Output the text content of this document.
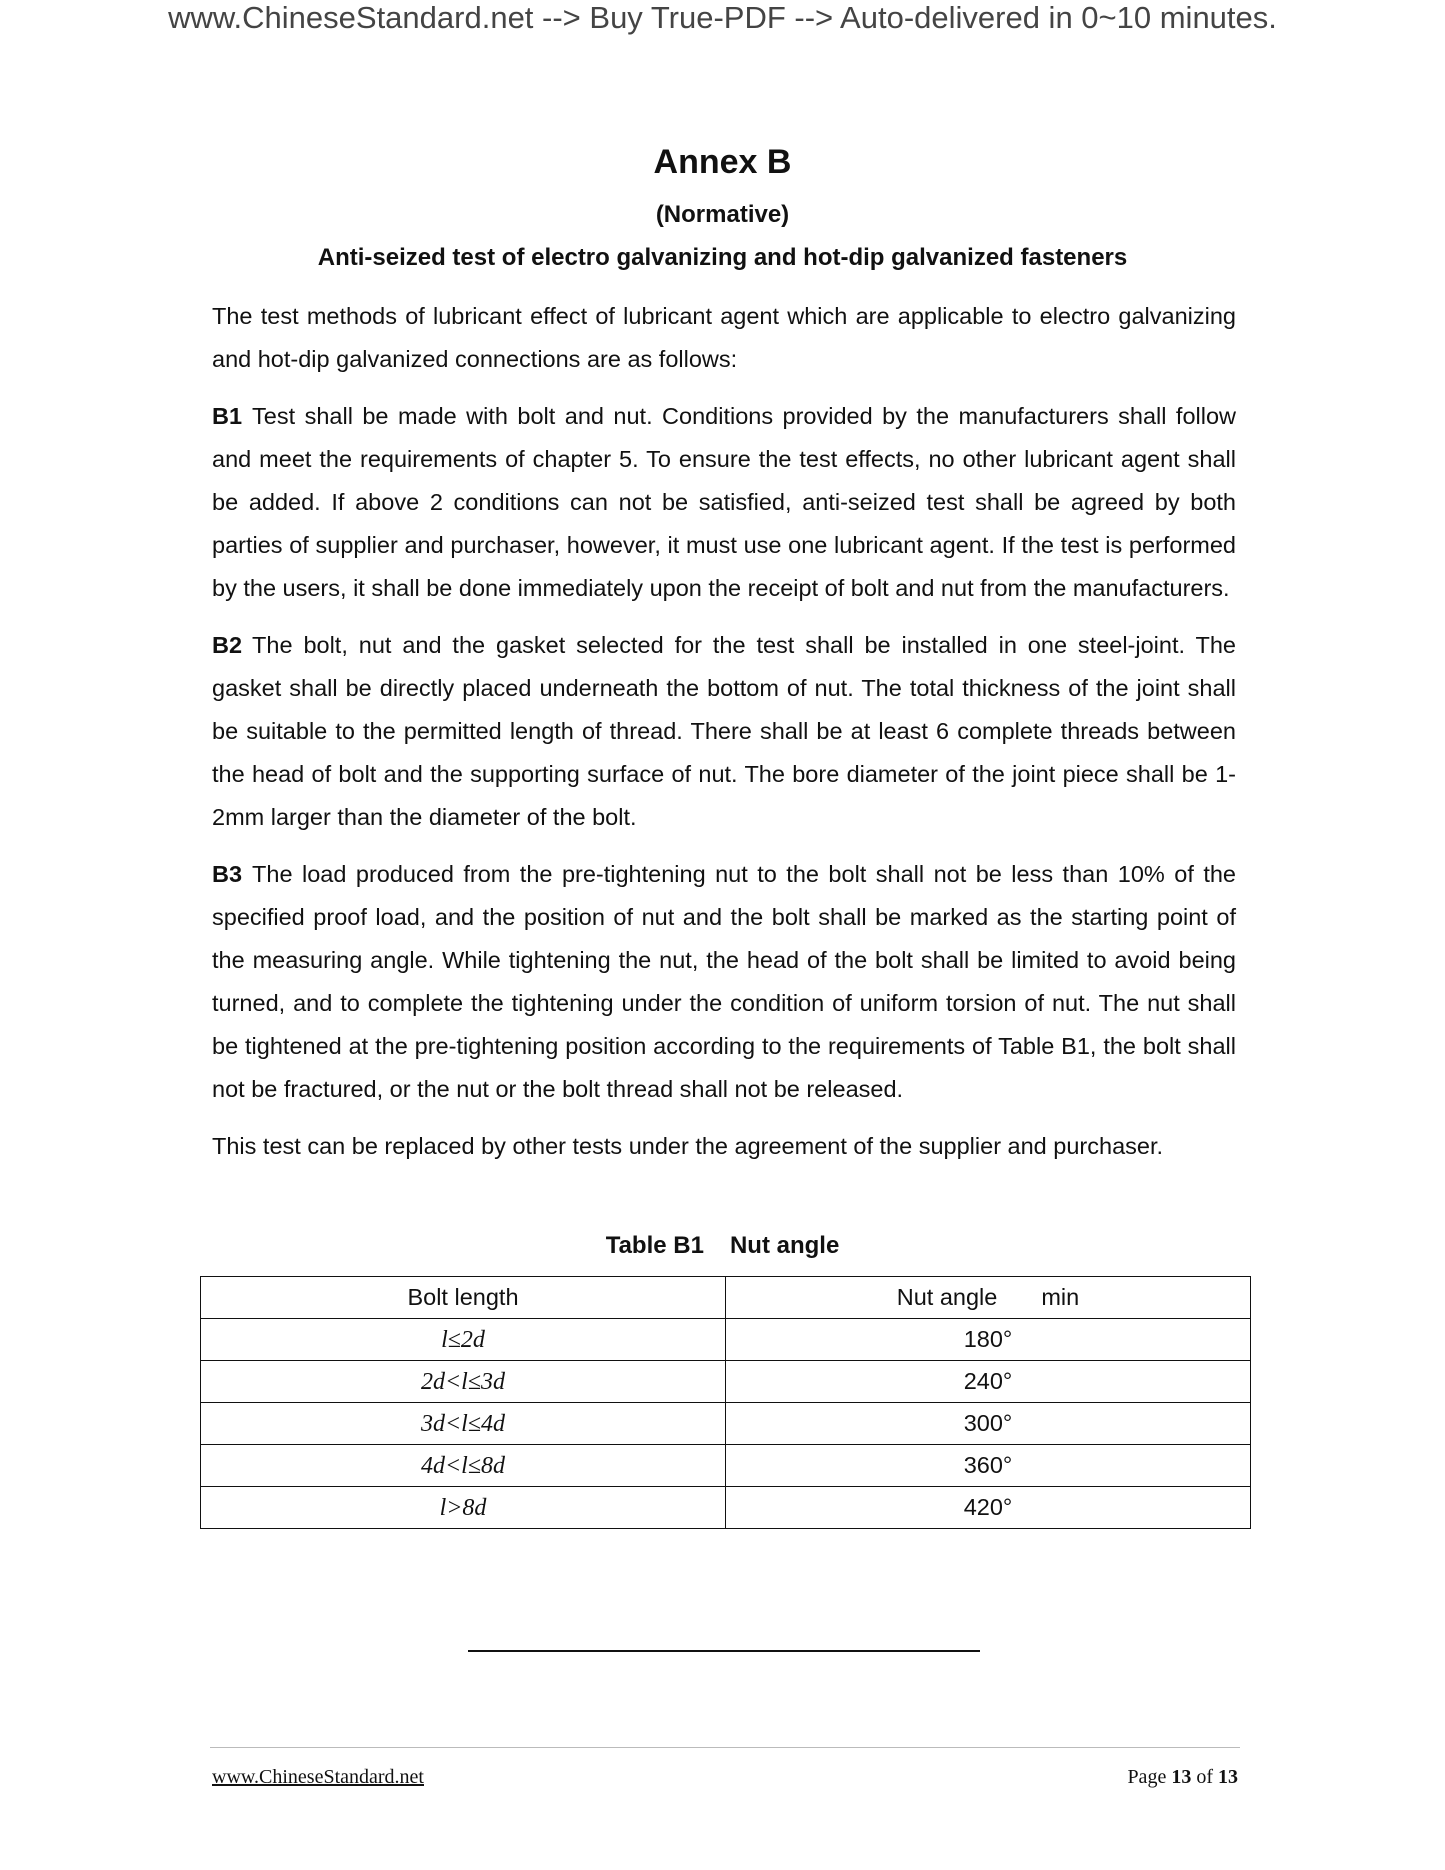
www.ChineseStandard.net --> Buy True-PDF --> Auto-delivered in 0~10 minutes.
Annex B
(Normative)
Anti-seized test of electro galvanizing and hot-dip galvanized fasteners

The test methods of lubricant effect of lubricant agent which are applicable to electro galvanizing and hot-dip galvanized connections are as follows:

B1 Test shall be made with bolt and nut. Conditions provided by the manufacturers shall follow and meet the requirements of chapter 5. To ensure the test effects, no other lubricant agent shall be added. If above 2 conditions can not be satisfied, anti-seized test shall be agreed by both parties of supplier and purchaser, however, it must use one lubricant agent. If the test is performed by the users, it shall be done immediately upon the receipt of bolt and nut from the manufacturers.

B2 The bolt, nut and the gasket selected for the test shall be installed in one steel-joint. The gasket shall be directly placed underneath the bottom of nut. The total thickness of the joint shall be suitable to the permitted length of thread. There shall be at least 6 complete threads between the head of bolt and the supporting surface of nut. The bore diameter of the joint piece shall be 1-2mm larger than the diameter of the bolt.

B3 The load produced from the pre-tightening nut to the bolt shall not be less than 10% of the specified proof load, and the position of nut and the bolt shall be marked as the starting point of the measuring angle. While tightening the nut, the head of the bolt shall be limited to avoid being turned, and to complete the tightening under the condition of uniform torsion of nut. The nut shall be tightened at the pre-tightening position according to the requirements of Table B1, the bolt shall not be fractured, or the nut or the bolt thread shall not be released.

This test can be replaced by other tests under the agreement of the supplier and purchaser.

Table B1 Nut angle
Bolt length	Nut angle min
l≤2d	180°
2d<l≤3d	240°
3d<l≤4d	300°
4d<l≤8d	360°
l>8d	420°
www.ChineseStandard.net	Page 13 of 13
